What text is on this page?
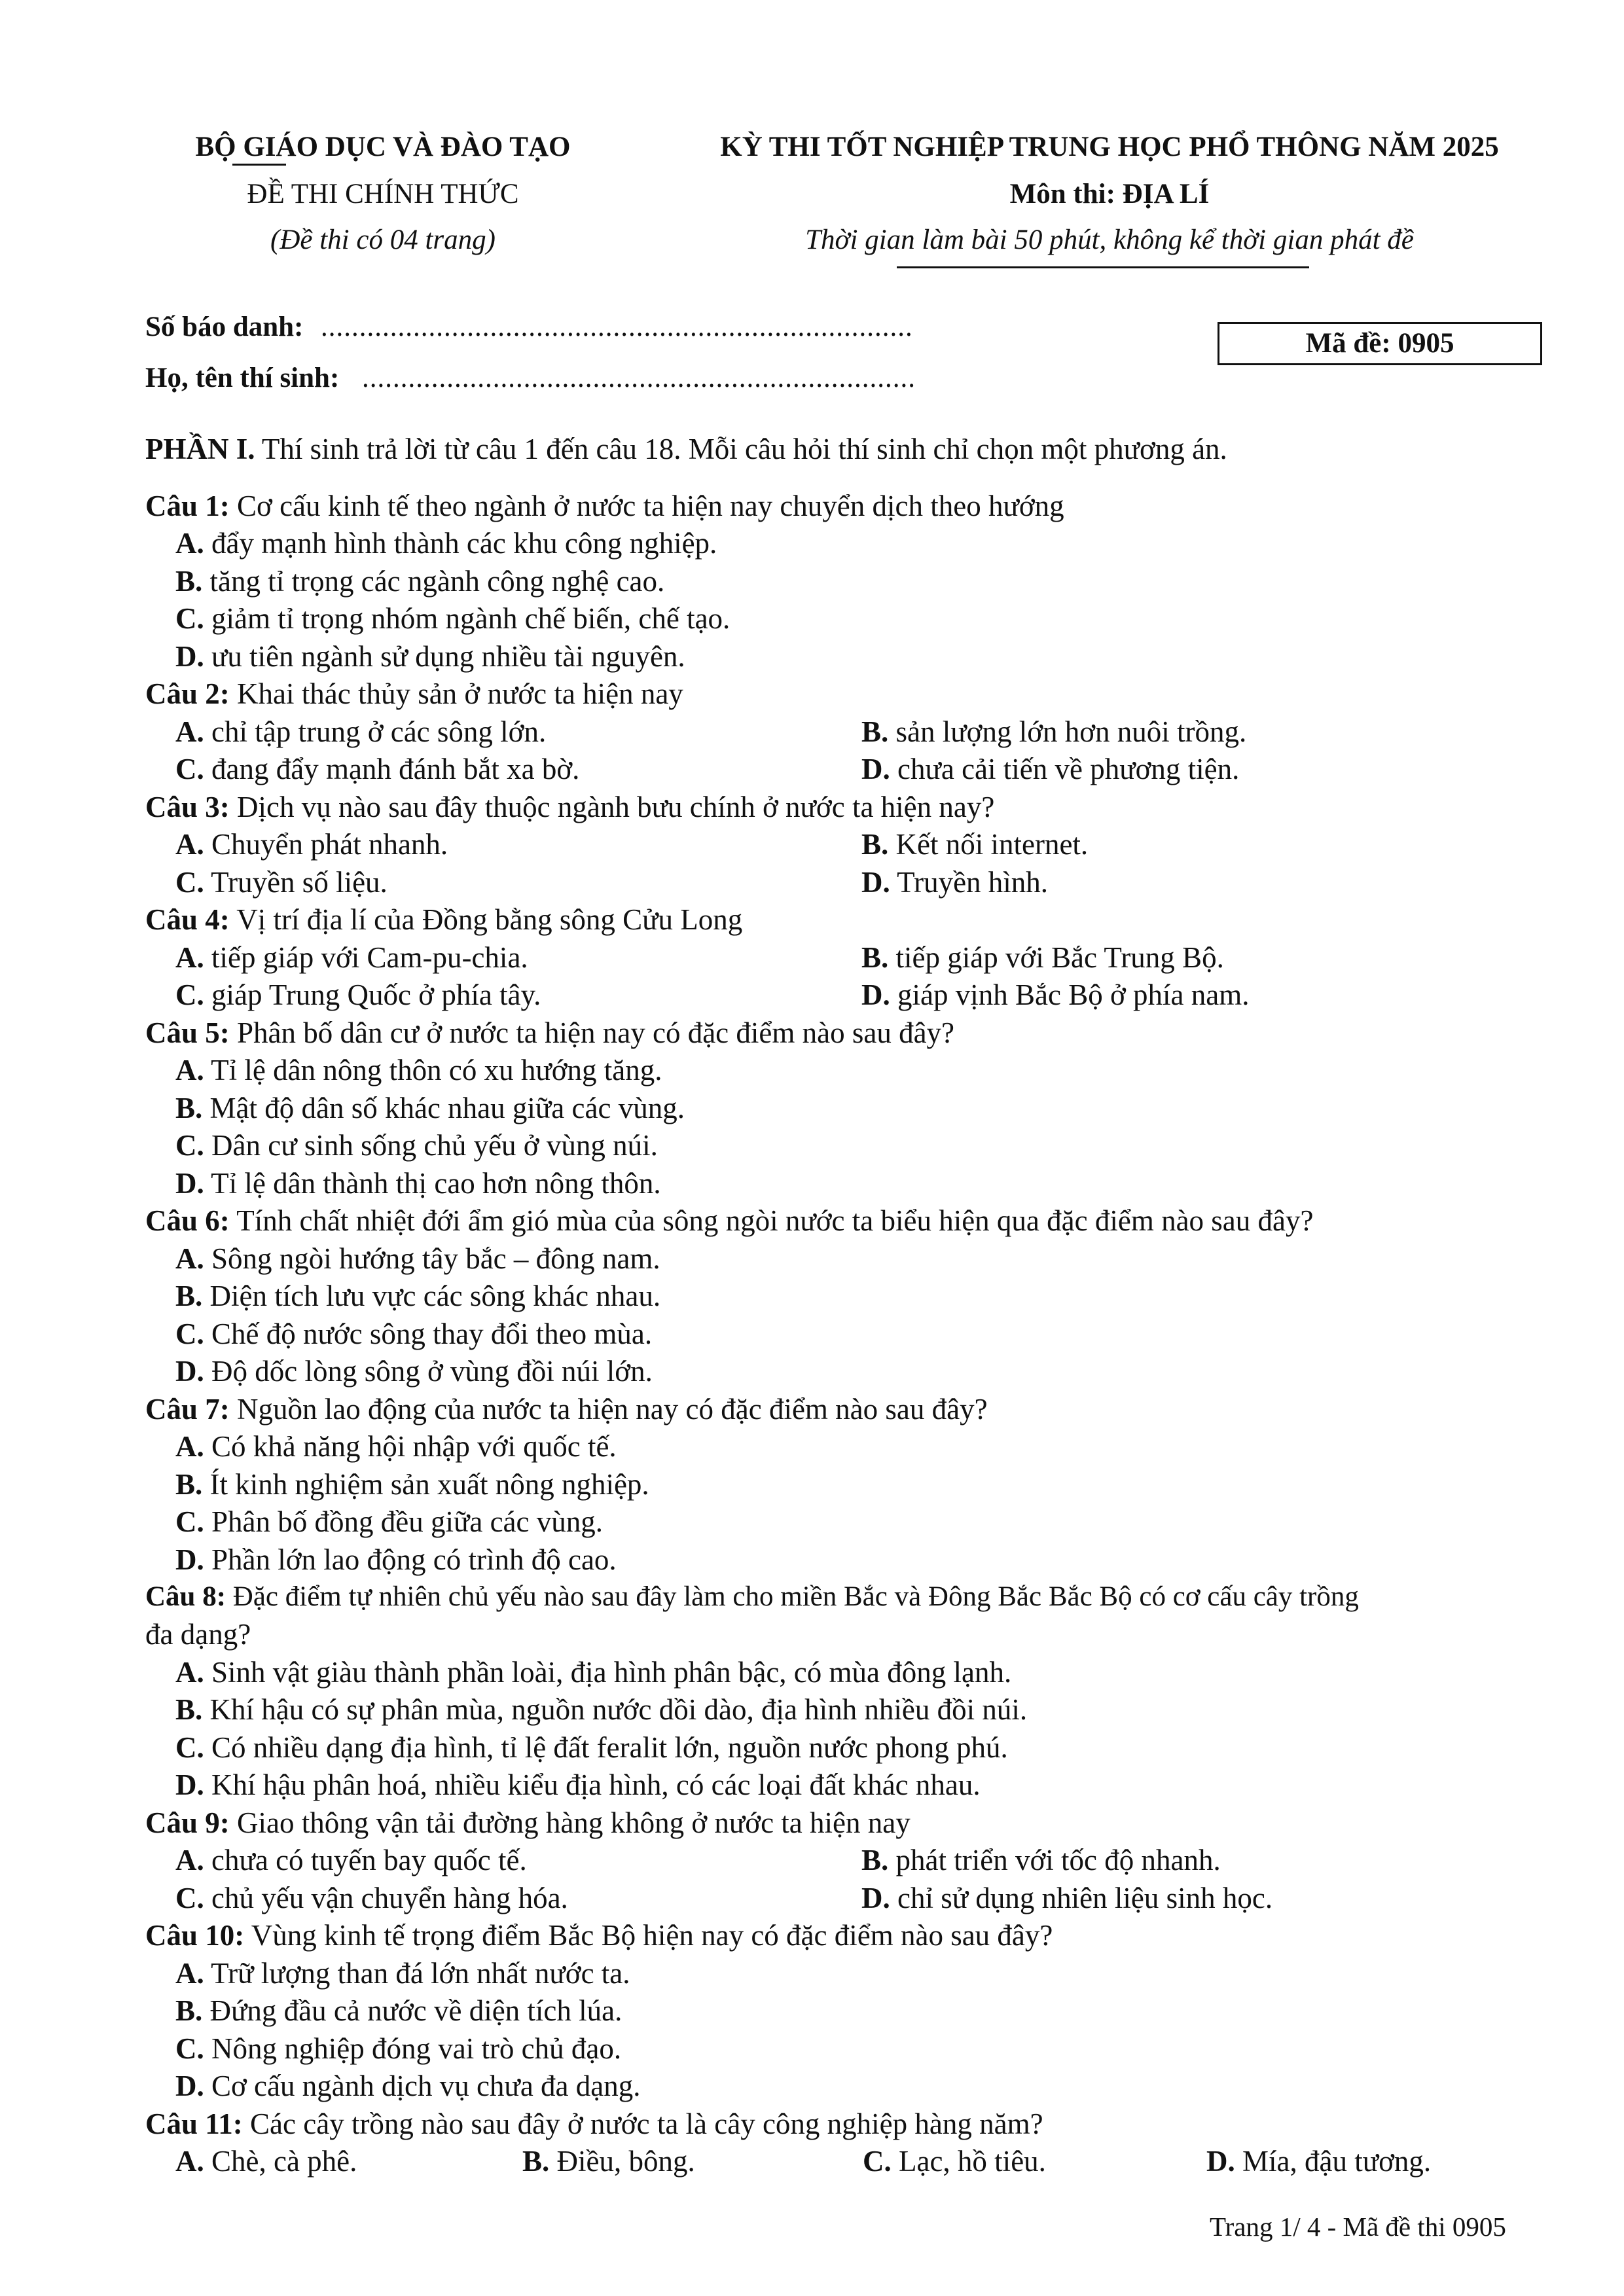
BỘ GIÁO DỤC VÀ ĐÀO TẠO
ĐỀ THI CHÍNH THỨC
(Đề thi có 04 trang)
KỲ THI TỐT NGHIỆP TRUNG HỌC PHỔ THÔNG NĂM 2025
Môn thi: ĐỊA LÍ
Thời gian làm bài 50 phút, không kể thời gian phát đề
Số báo danh: .............................................................................
Họ, tên thí sinh: ........................................................................
Mã đề: 0905
PHẦN I. Thí sinh trả lời từ câu 1 đến câu 18. Mỗi câu hỏi thí sinh chỉ chọn một phương án.
Câu 1: Cơ cấu kinh tế theo ngành ở nước ta hiện nay chuyển dịch theo hướng
A. đẩy mạnh hình thành các khu công nghiệp.
B. tăng tỉ trọng các ngành công nghệ cao.
C. giảm tỉ trọng nhóm ngành chế biến, chế tạo.
D. ưu tiên ngành sử dụng nhiều tài nguyên.
Câu 2: Khai thác thủy sản ở nước ta hiện nay
A. chỉ tập trung ở các sông lớn.	B. sản lượng lớn hơn nuôi trồng.
C. đang đẩy mạnh đánh bắt xa bờ.	D. chưa cải tiến về phương tiện.
Câu 3: Dịch vụ nào sau đây thuộc ngành bưu chính ở nước ta hiện nay?
A. Chuyển phát nhanh.	B. Kết nối internet.
C. Truyền số liệu.	D. Truyền hình.
Câu 4: Vị trí địa lí của Đồng bằng sông Cửu Long
A. tiếp giáp với Cam-pu-chia.	B. tiếp giáp với Bắc Trung Bộ.
C. giáp Trung Quốc ở phía tây.	D. giáp vịnh Bắc Bộ ở phía nam.
Câu 5: Phân bố dân cư ở nước ta hiện nay có đặc điểm nào sau đây?
A. Tỉ lệ dân nông thôn có xu hướng tăng.
B. Mật độ dân số khác nhau giữa các vùng.
C. Dân cư sinh sống chủ yếu ở vùng núi.
D. Tỉ lệ dân thành thị cao hơn nông thôn.
Câu 6: Tính chất nhiệt đới ẩm gió mùa của sông ngòi nước ta biểu hiện qua đặc điểm nào sau đây?
A. Sông ngòi hướng tây bắc – đông nam.
B. Diện tích lưu vực các sông khác nhau.
C. Chế độ nước sông thay đổi theo mùa.
D. Độ dốc lòng sông ở vùng đồi núi lớn.
Câu 7: Nguồn lao động của nước ta hiện nay có đặc điểm nào sau đây?
A. Có khả năng hội nhập với quốc tế.
B. Ít kinh nghiệm sản xuất nông nghiệp.
C. Phân bố đồng đều giữa các vùng.
D. Phần lớn lao động có trình độ cao.
Câu 8: Đặc điểm tự nhiên chủ yếu nào sau đây làm cho miền Bắc và Đông Bắc Bắc Bộ có cơ cấu cây trồng
đa dạng?
A. Sinh vật giàu thành phần loài, địa hình phân bậc, có mùa đông lạnh.
B. Khí hậu có sự phân mùa, nguồn nước dồi dào, địa hình nhiều đồi núi.
C. Có nhiều dạng địa hình, tỉ lệ đất feralit lớn, nguồn nước phong phú.
D. Khí hậu phân hoá, nhiều kiểu địa hình, có các loại đất khác nhau.
Câu 9: Giao thông vận tải đường hàng không ở nước ta hiện nay
A. chưa có tuyến bay quốc tế.	B. phát triển với tốc độ nhanh.
C. chủ yếu vận chuyển hàng hóa.	D. chỉ sử dụng nhiên liệu sinh học.
Câu 10: Vùng kinh tế trọng điểm Bắc Bộ hiện nay có đặc điểm nào sau đây?
A. Trữ lượng than đá lớn nhất nước ta.
B. Đứng đầu cả nước về diện tích lúa.
C. Nông nghiệp đóng vai trò chủ đạo.
D. Cơ cấu ngành dịch vụ chưa đa dạng.
Câu 11: Các cây trồng nào sau đây ở nước ta là cây công nghiệp hàng năm?
A. Chè, cà phê.	B. Điều, bông.	C. Lạc, hồ tiêu.	D. Mía, đậu tương.
Trang 1/ 4 - Mã đề thi 0905
